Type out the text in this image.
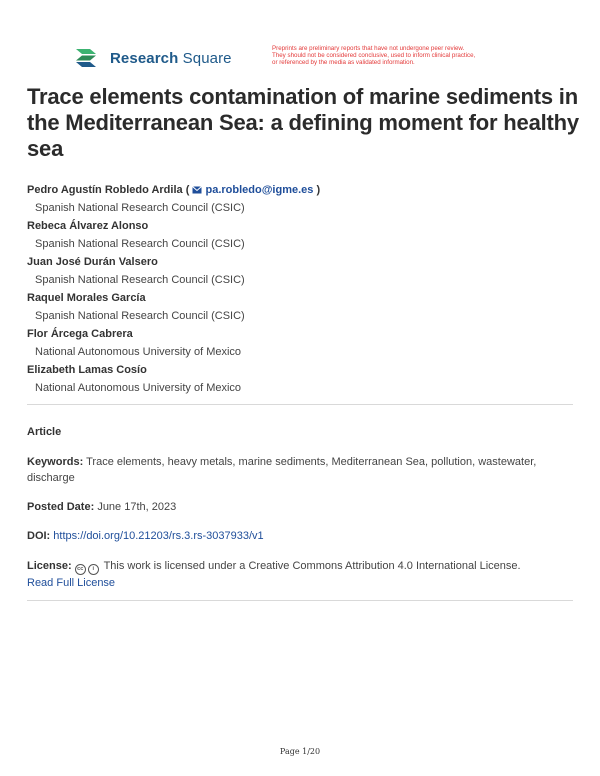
Research Square
Preprints are preliminary reports that have not undergone peer review.
They should not be considered conclusive, used to inform clinical practice,
or referenced by the media as validated information.
Trace elements contamination of marine sediments in the Mediterranean Sea: a defining moment for healthy sea
Pedro Agustín Robledo Ardila (  pa.robledo@igme.es )
Spanish National Research Council (CSIC)
Rebeca Álvarez Alonso
Spanish National Research Council (CSIC)
Juan José Durán Valsero
Spanish National Research Council (CSIC)
Raquel Morales García
Spanish National Research Council (CSIC)
Flor Árcega Cabrera
National Autonomous University of Mexico
Elizabeth Lamas Cosío
National Autonomous University of Mexico
Article
Keywords: Trace elements, heavy metals, marine sediments, Mediterranean Sea, pollution, wastewater, discharge
Posted Date: June 17th, 2023
DOI: https://doi.org/10.21203/rs.3.rs-3037933/v1
License: cc i This work is licensed under a Creative Commons Attribution 4.0 International License.
Read Full License
Page 1/20
